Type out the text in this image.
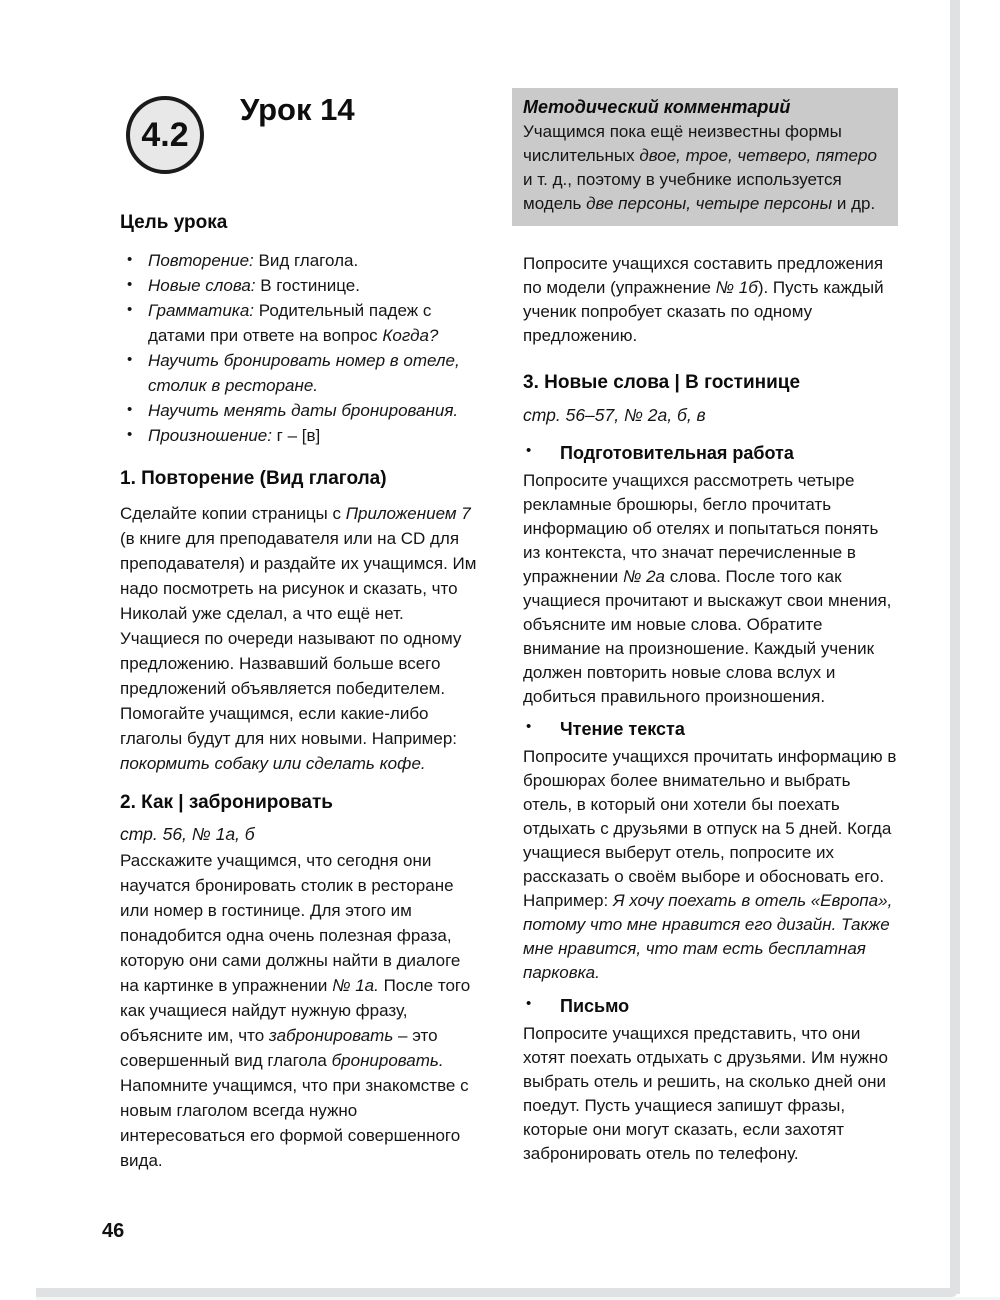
4.2
Урок 14
Цель урока
• Повторение: Вид глагола.
• Новые слова: В гостинице.
• Грамматика: Родительный падеж с датами при ответе на вопрос Когда?
• Научить бронировать номер в отеле, столик в ресторане.
• Научить менять даты бронирования.
• Произношение: г – [в]
1. Повторение (Вид глагола)

Сделайте копии страницы с Приложением 7 (в книге для преподавателя или на CD для преподавателя) и раздайте их учащимся. Им надо посмотреть на рисунок и сказать, что Николай уже сделал, а что ещё нет. Учащиеся по очереди называют по одному предложению. Назвавший больше всего предложений объявляется победителем. Помогайте учащимся, если какие-либо глаголы будут для них новыми. Например: покормить собаку или сделать кофе.

2. Как | забронировать

стр. 56, № 1а, б

Расскажите учащимся, что сегодня они научатся бронировать столик в ресторане или номер в гостинице. Для этого им понадобится одна очень полезная фраза, которую они сами должны найти в диалоге на картинке в упражнении № 1а. После того как учащиеся найдут нужную фразу, объясните им, что забронировать – это совершенный вид глагола бронировать. Напомните учащимся, что при знакомстве с новым глаголом всегда нужно интересоваться его формой совершенного вида.

Методический комментарий

Учащимся пока ещё неизвестны формы числительных двое, трое, четверо, пятеро и т. д., поэтому в учебнике используется модель две персоны, четыре персоны и др.

Попросите учащихся составить предложения по модели (упражнение № 1б). Пусть каждый ученик попробует сказать по одному предложению.

3. Новые слова | В гостинице

стр. 56–57, № 2а, б, в

• Подготовительная работа

Попросите учащихся рассмотреть четыре рекламные брошюры, бегло прочитать информацию об отелях и попытаться понять из контекста, что значат перечисленные в упражнении № 2а слова. После того как учащиеся прочитают и выскажут свои мнения, объясните им новые слова. Обратите внимание на произношение. Каждый ученик должен повторить новые слова вслух и добиться правильного произношения.

• Чтение текста

Попросите учащихся прочитать информацию в брошюрах более внимательно и выбрать отель, в который они хотели бы поехать отдыхать с друзьями в отпуск на 5 дней. Когда учащиеся выберут отель, попросите их рассказать о своём выборе и обосновать его. Например: Я хочу поехать в отель «Европа», потому что мне нравится его дизайн. Также мне нравится, что там есть бесплатная парковка.

• Письмо

Попросите учащихся представить, что они хотят поехать отдыхать с друзьями. Им нужно выбрать отель и решить, на сколько дней они поедут. Пусть учащиеся запишут фразы, которые они могут сказать, если захотят забронировать отель по телефону.

46
